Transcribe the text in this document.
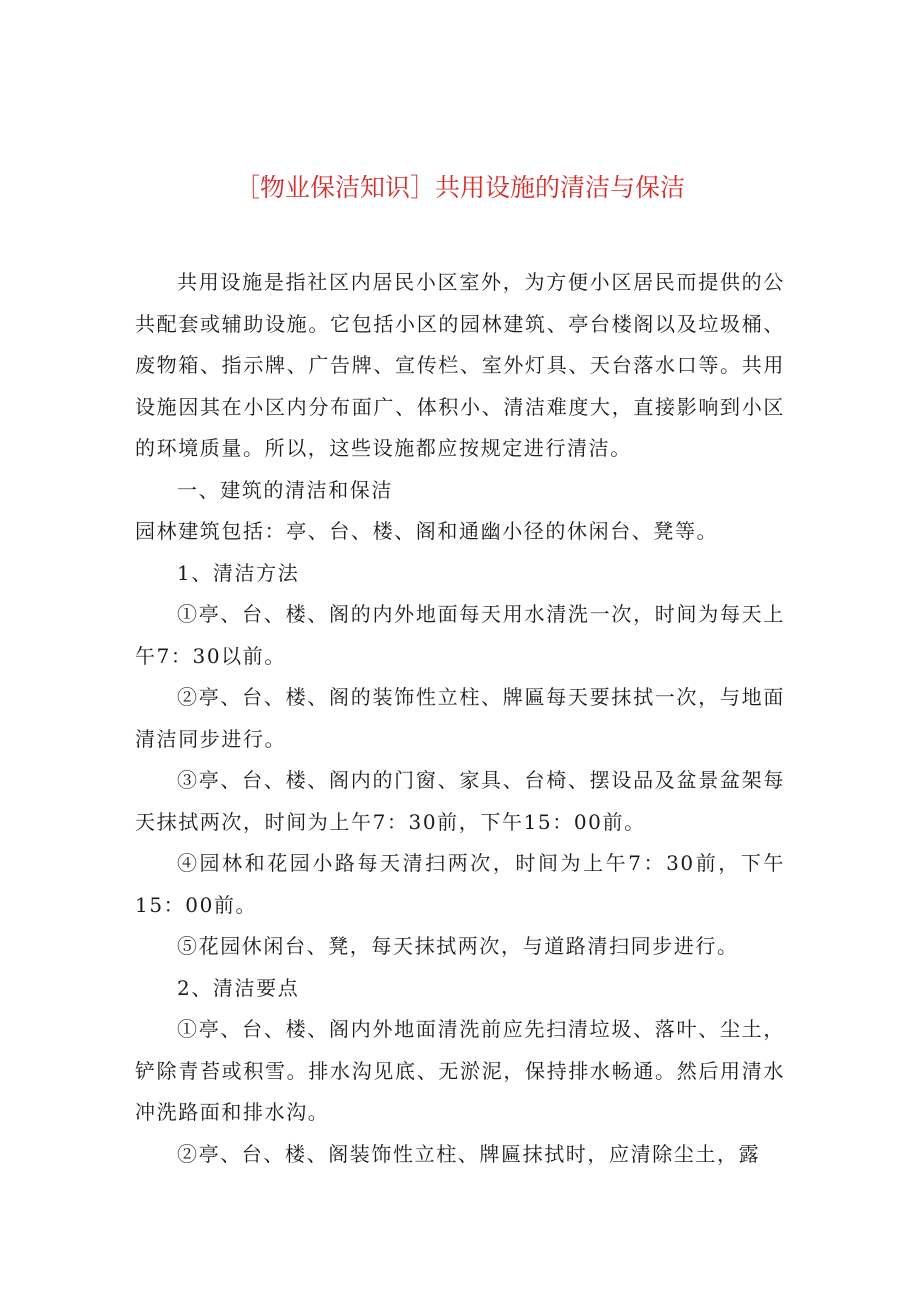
［物业保洁知识］共用设施的清洁与保洁

共用设施是指社区内居民小区室外，为方便小区居民而提供的公共配套或辅助设施。它包括小区的园林建筑、亭台楼阁以及垃圾桶、废物箱、指示牌、广告牌、宣传栏、室外灯具、天台落水口等。共用设施因其在小区内分布面广、体积小、清洁难度大，直接影响到小区的环境质量。所以，这些设施都应按规定进行清洁。

一、建筑的清洁和保洁

园林建筑包括：亭、台、楼、阁和通幽小径的休闲台、凳等。

1、清洁方法

①亭、台、楼、阁的内外地面每天用水清洗一次，时间为每天上午7：30以前。

②亭、台、楼、阁的装饰性立柱、牌匾每天要抹拭一次，与地面清洁同步进行。

③亭、台、楼、阁内的门窗、家具、台椅、摆设品及盆景盆架每天抹拭两次，时间为上午7：30前，下午15：00前。

④园林和花园小路每天清扫两次，时间为上午7：30前，下午15：00前。

⑤花园休闲台、凳，每天抹拭两次，与道路清扫同步进行。

2、清洁要点

①亭、台、楼、阁内外地面清洗前应先扫清垃圾、落叶、尘土，铲除青苔或积雪。排水沟见底、无淤泥，保持排水畅通。然后用清水冲洗路面和排水沟。

②亭、台、楼、阁装饰性立柱、牌匾抹拭时，应清除尘土，露
